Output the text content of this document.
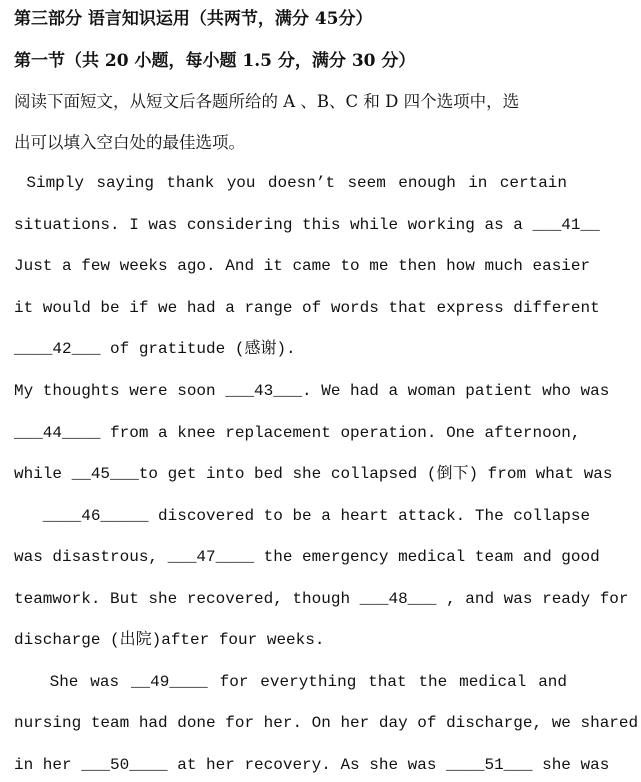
第三部分 语言知识运用（共两节，满分 45分）
第一节（共 20 小题，每小题 1.5 分，满分 30 分）
阅读下面短文，从短文后各题所给的 A 、B、C 和 D 四个选项中，选
出可以填入空白处的最佳选项。
Simply saying thank you doesn’t seem enough in certain
situations. I was considering this while working as a ___41__
Just a few weeks ago. And it came to me then how much easier
it would be if we had a range of words that express different
____42___ of gratitude (感谢).
My thoughts were soon ___43___. We had a woman patient who was
___44____ from a knee replacement operation. One afternoon,
while __45___to get into bed she collapsed (倒下) from what was
____46_____ discovered to be a heart attack. The collapse
was disastrous, ___47____ the emergency medical team and good
teamwork. But she recovered, though ___48___ , and was ready for
discharge (出院)after four weeks.
She was __49____ for everything that the medical and
nursing team had done for her. On her day of discharge, we shared
in her ___50____ at her recovery. As she was ____51___ she was
